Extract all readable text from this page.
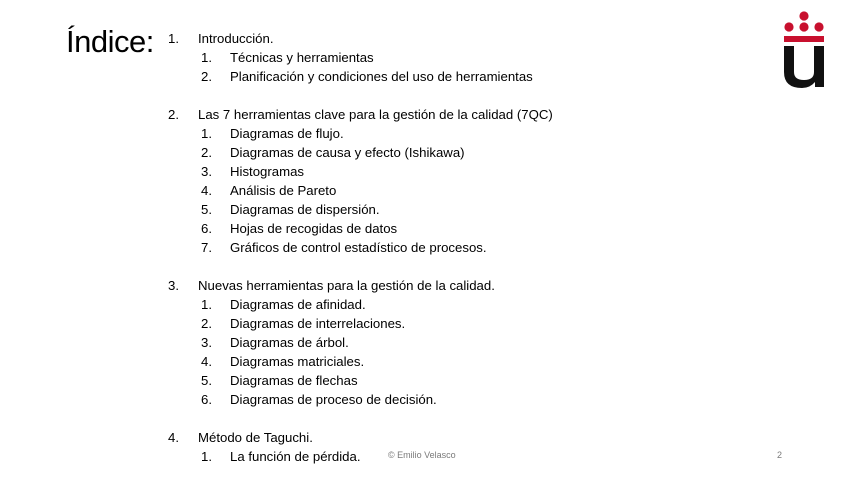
Índice: 1. Introducción.
1. Técnicas y herramientas
2. Planificación y condiciones del uso de herramientas
2. Las 7 herramientas clave para la gestión de la calidad (7QC)
1. Diagramas de flujo.
2. Diagramas de causa y efecto (Ishikawa)
3. Histogramas
4. Análisis de Pareto
5. Diagramas de dispersión.
6. Hojas de recogidas de datos
7. Gráficos de control estadístico de procesos.
3. Nuevas herramientas para la gestión de la calidad.
1. Diagramas de afinidad.
2. Diagramas de interrelaciones.
3. Diagramas de árbol.
4. Diagramas matriciales.
5. Diagramas de flechas
6. Diagramas de proceso de decisión.
4. Método de Taguchi.
1. La función de pérdida.	© Emilio Velasco	2
